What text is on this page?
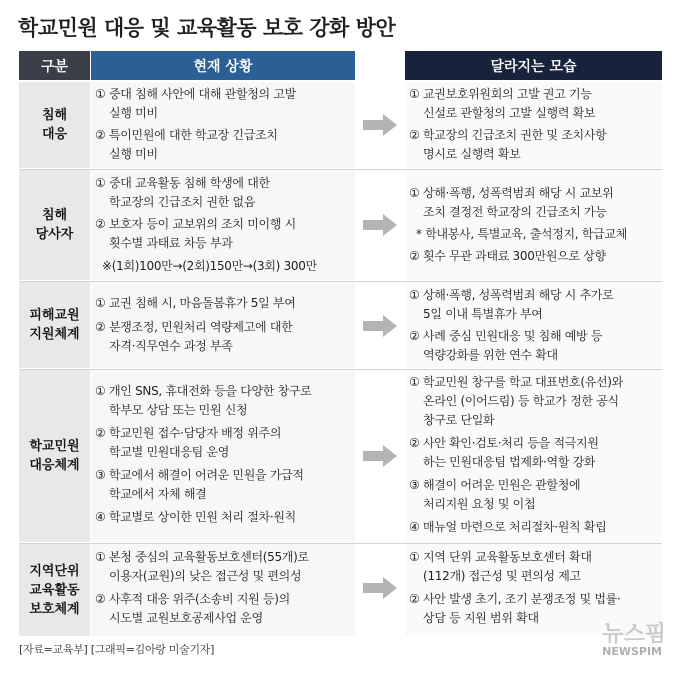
학교민원 대응 및 교육활동 보호 강화 방안
구분	현재 상황	달라지는 모습
침해
대응
① 중대 침해 사안에 대해 관할청의 고발
실행 미비
② 특이민원에 대한 학교장 긴급조치
실행 미비
① 교권보호위원회의 고발 권고 기능
신설로 관할청의 고발 실행력 확보
② 학교장의 긴급조치 권한 및 조치사항
명시로 실행력 확보
침해
당사자
① 중대 교육활동 침해 학생에 대한
학교장의 긴급조치 권한 없음
② 보호자 등이 교보위의 조치 미이행 시
횟수별 과태료 차등 부과
※(1회)100만→(2회)150만→(3회) 300만
① 상해·폭행, 성폭력범죄 해당 시 교보위
조치 결정전 학교장의 긴급조치 가능
* 학내봉사, 특별교육, 출석정지, 학급교체
② 횟수 무관 과태료 300만원으로 상향
피해교원
지원체계
① 교권 침해 시, 마음돌봄휴가 5일 부여
② 분쟁조정, 민원처리 역량제고에 대한
자격·직무연수 과정 부족
① 상해·폭행, 성폭력범죄 해당 시 추가로
5일 이내 특별휴가 부여
② 사례 중심 민원대응 및 침해 예방 등
역량강화를 위한 연수 확대
학교민원
대응체계
① 개인 SNS, 휴대전화 등을 다양한 창구로
학부모 상담 또는 민원 신청
② 학교민원 접수·담당자 배정 위주의
학교별 민원대응팀 운영
③ 학교에서 해결이 어려운 민원을 가급적
학교에서 자체 해결
④ 학교별로 상이한 민원 처리 절차·원칙
① 학교민원 창구를 학교 대표번호(유선)와
온라인 (이어드림) 등 학교가 정한 공식
창구로 단일화
② 사안 확인·검토·처리 등을 적극지원
하는 민원대응팀 법제화·역할 강화
③ 해결이 어려운 민원은 관할청에
처리지원 요청 및 이첩
④ 매뉴얼 마련으로 처리절차·원칙 확립
지역단위
교육활동
보호체계
① 본청 중심의 교육활동보호센터(55개)로
이용자(교원)의 낮은 접근성 및 편의성
② 사후적 대응 위주(소송비 지원 등)의
시도별 교원보호공제사업 운영
① 지역 단위 교육활동보호센터 확대
(112개) 접근성 및 편의성 제고
② 사안 발생 초기, 조기 분쟁조정 및 법률·
상담 등 지원 범위 확대
[자료=교육부] [그래픽=김아랑 미술기자]
뉴스핌
NEWSPIM
